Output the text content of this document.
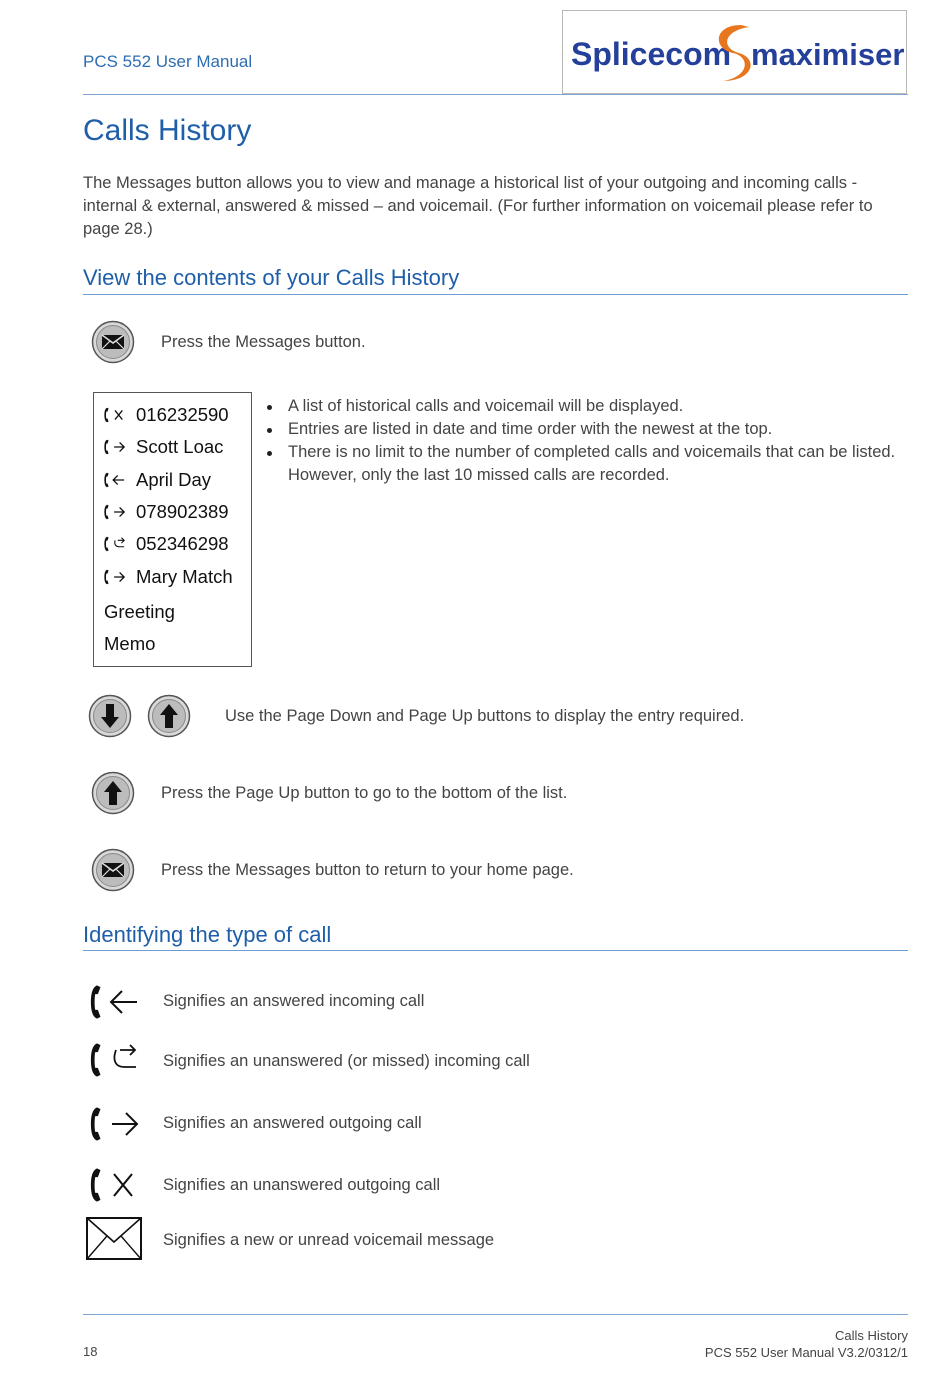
PCS 552 User Manual	Splicecom maximiser
Calls History
The Messages button allows you to view and manage a historical list of your outgoing and incoming calls - internal & external, answered & missed – and voicemail. (For further information on voicemail please refer to page 28.)
View the contents of your Calls History
Press the Messages button.
016232590
Scott Loac
April Day
078902389
052346298
Mary Match
Greeting
Memo
A list of historical calls and voicemail will be displayed.
Entries are listed in date and time order with the newest at the top.
There is no limit to the number of completed calls and voicemails that can be listed. However, only the last 10 missed calls are recorded.
Use the Page Down and Page Up buttons to display the entry required.
Press the Page Up button to go to the bottom of the list.
Press the Messages button to return to your home page.
Identifying the type of call
Signifies an answered incoming call
Signifies an unanswered (or missed) incoming call
Signifies an answered outgoing call
Signifies an unanswered outgoing call
Signifies a new or unread voicemail message
18
Calls History
PCS 552 User Manual V3.2/0312/1
